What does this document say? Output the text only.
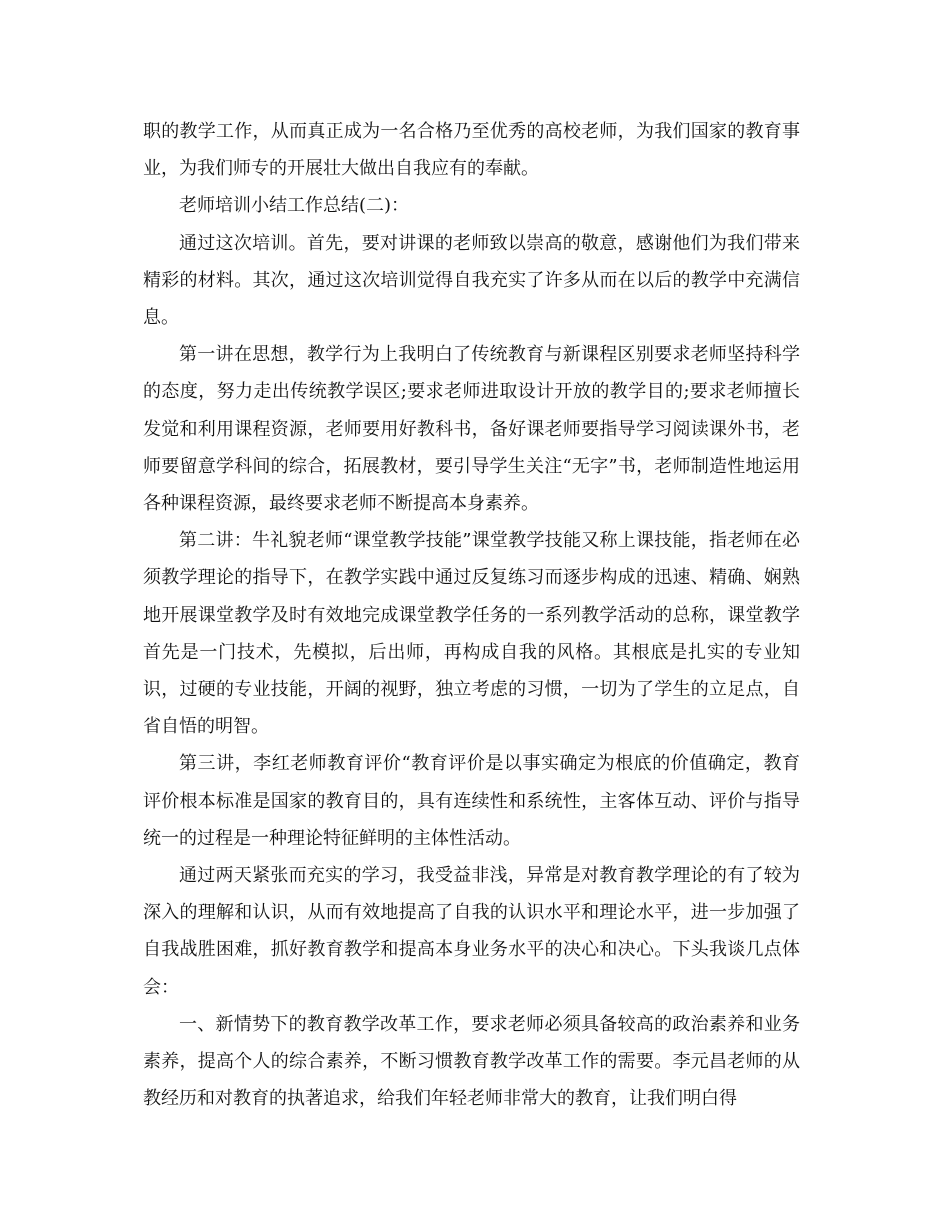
职的教学工作，从而真正成为一名合格乃至优秀的高校老师，为我们国家的教育事业，为我们师专的开展壮大做出自我应有的奉献。

老师培训小结工作总结(二)：

通过这次培训。首先，要对讲课的老师致以崇高的敬意，感谢他们为我们带来精彩的材料。其次，通过这次培训觉得自我充实了许多从而在以后的教学中充满信息。

第一讲在思想，教学行为上我明白了传统教育与新课程区别要求老师坚持科学的态度，努力走出传统教学误区;要求老师进取设计开放的教学目的;要求老师擅长发觉和利用课程资源，老师要用好教科书，备好课老师要指导学习阅读课外书，老师要留意学科间的综合，拓展教材，要引导学生关注“无字”书，老师制造性地运用各种课程资源，最终要求老师不断提高本身素养。

第二讲：牛礼貌老师“课堂教学技能”课堂教学技能又称上课技能，指老师在必须教学理论的指导下，在教学实践中通过反复练习而逐步构成的迅速、精确、娴熟地开展课堂教学及时有效地完成课堂教学任务的一系列教学活动的总称，课堂教学首先是一门技术，先模拟，后出师，再构成自我的风格。其根底是扎实的专业知识，过硬的专业技能，开阔的视野，独立考虑的习惯，一切为了学生的立足点，自省自悟的明智。

第三讲，李红老师教育评价“教育评价是以事实确定为根底的价值确定，教育评价根本标准是国家的教育目的，具有连续性和系统性，主客体互动、评价与指导统一的过程是一种理论特征鲜明的主体性活动。

通过两天紧张而充实的学习，我受益非浅，异常是对教育教学理论的有了较为深入的理解和认识，从而有效地提高了自我的认识水平和理论水平，进一步加强了自我战胜困难，抓好教育教学和提高本身业务水平的决心和决心。下头我谈几点体会：

一、新情势下的教育教学改革工作，要求老师必须具备较高的政治素养和业务素养，提高个人的综合素养，不断习惯教育教学改革工作的需要。李元昌老师的从教经历和对教育的执著追求，给我们年轻老师非常大的教育，让我们明白得
